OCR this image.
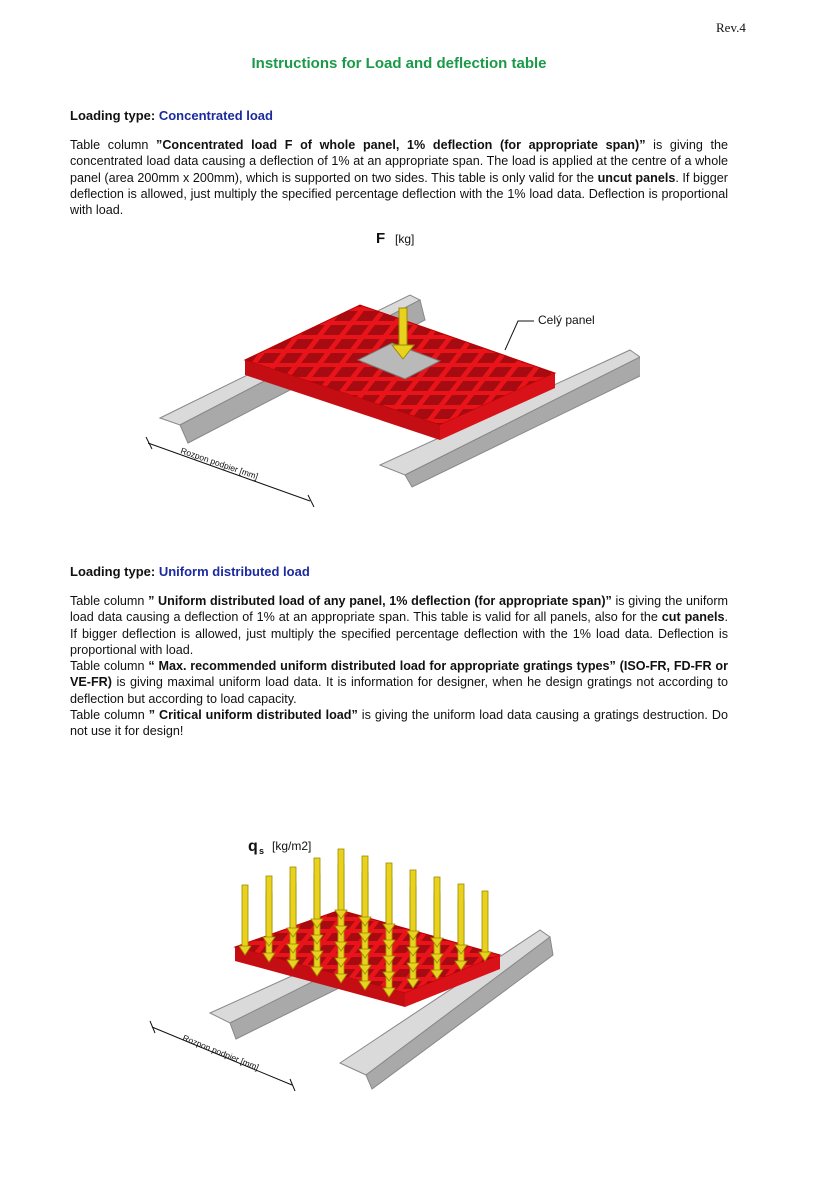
Rev.4
Instructions for Load and deflection table
Loading type: Concentrated load

Table column ”Concentrated load F of whole panel, 1% deflection (for appropriate span)” is giving the concentrated load data causing a deflection of 1% at an appropriate span. The load is applied at the centre of a whole panel (area 200mm x 200mm), which is supported on two sides. This table is only valid for the uncut panels. If bigger deflection is allowed, just multiply the specified percentage deflection with the 1% load data. Deflection is proportional with load.

F [kg]
Celý panel
Rozpon podpier [mm]
Loading type: Uniform distributed load

Table column ” Uniform distributed load of any panel, 1% deflection (for appropriate span)” is giving the uniform load data causing a deflection of 1% at an appropriate span. This table is valid for all panels, also for the cut panels. If bigger deflection is allowed, just multiply the specified percentage deflection with the 1% load data. Deflection is proportional with load.

Table column “ Max. recommended uniform distributed load for appropriate gratings types” (ISO-FR, FD-FR or VE-FR) is giving maximal uniform load data. It is information for designer, when he design gratings not according to deflection but according to load capacity.

Table column ” Critical uniform distributed load” is giving the uniform load data causing a gratings destruction. Do not use it for design!

q s [kg/m2]
Rozpon podpier [mm]
